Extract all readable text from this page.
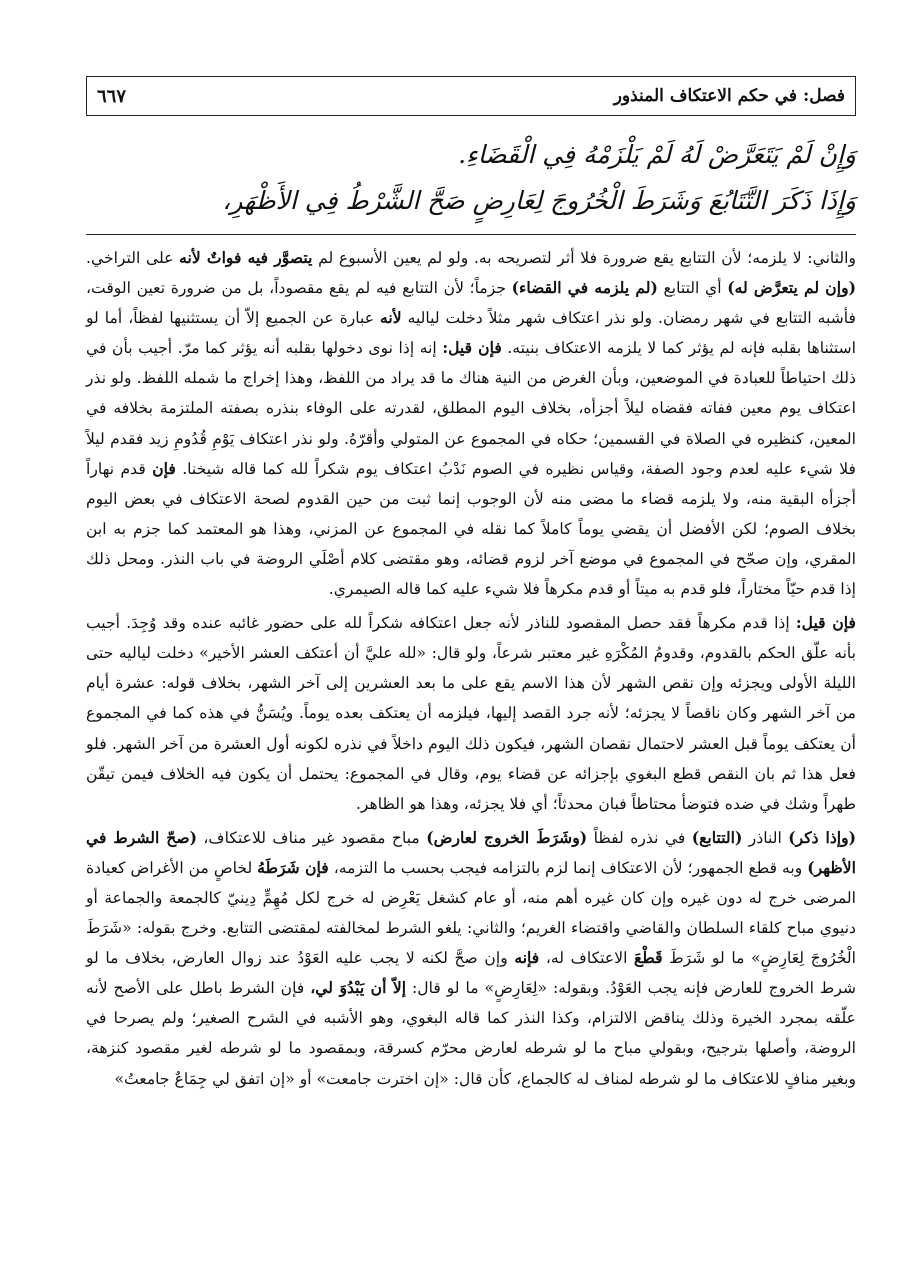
فصل: في حكم الاعتكاف المنذور
٦٦٧

وَإِنْ لَمْ يَتَعَرَّضْ لَهُ لَمْ يَلْزَمْهُ فِي الْقَضَاءِ.

وَإِذَا ذَكَرَ التَّتَابُعَ وَشَرَطَ الْخُرُوجَ لِعَارِضٍ صَحَّ الشَّرْطُ فِي الأَظْهَرِ،

والثاني: لا يلزمه؛ لأن التتابع يقع ضرورة فلا أثر لتصريحه به. ولو لم يعين الأسبوع لم يتصوَّر فيه فواتٌ لأنه على التراخي. (وإن لم يتعرَّض له) أي التتابع (لم يلزمه في القضاء) جزماً؛ لأن التتابع فيه لم يقع مقصوداً، بل من ضرورة تعين الوقت، فأشبه التتابع في شهر رمضان. ولو نذر اعتكاف شهر مثلاً دخلت لياليه لأنه عبارة عن الجميع إلاّ أن يستثنيها لفظاً، أما لو استثناها بقلبه فإنه لم يؤثر كما لا يلزمه الاعتكاف بنيته. فإن قيل: إنه إذا نوى دخولها بقلبه أنه يؤثر كما مرّ. أجيب بأن في ذلك احتياطاً للعبادة في الموضعين، وبأن الغرض من النية هناك ما قد يراد من اللفظ، وهذا إخراج ما شمله اللفظ. ولو نذر اعتكاف يوم معين ففاته فقضاه ليلاً أجزأه، بخلاف اليوم المطلق، لقدرته على الوفاء بنذره بصفته الملتزمة بخلافه في المعين، كنظيره في الصلاة في القسمين؛ حكاه في المجموع عن المتولي وأقرّهُ. ولو نذر اعتكاف يَوْمِ قُدُومِ زيد فقدم ليلاً فلا شيء عليه لعدم وجود الصفة، وقياس نظيره في الصوم نَدْبُ اعتكاف يوم شكراً لله كما قاله شيخنا. فإن قدم نهاراً أجزأه البقية منه، ولا يلزمه قضاء ما مضى منه لأن الوجوب إنما ثبت من حين القدوم لصحة الاعتكاف في بعض اليوم بخلاف الصوم؛ لكن الأفضل أن يقضي يوماً كاملاً كما نقله في المجموع عن المزني، وهذا هو المعتمد كما جزم به ابن المقري، وإن صحّح في المجموع في موضع آخر لزوم قضائه، وهو مقتضى كلام أصْلَي الروضة في باب النذر. ومحل ذلك إذا قدم حيّاً مختاراً، فلو قدم به ميتاً أو قدم مكرهاً فلا شيء عليه كما قاله الصيمري.

فإن قيل: إذا قدم مكرهاً فقد حصل المقصود للناذر لأنه جعل اعتكافه شكراً لله على حضور غائبه عنده وقد وُجِدَ. أجيب بأنه علّق الحكم بالقدوم، وقدومُ المُكْرَهِ غير معتبر شرعاً، ولو قال: «لله عليَّ أن أعتكف العشر الأخير» دخلت لياليه حتى الليلة الأولى ويجزئه وإن نقص الشهر لأن هذا الاسم يقع على ما بعد العشرين إلى آخر الشهر، بخلاف قوله: عشرة أيام من آخر الشهر وكان ناقصاً لا يجزئه؛ لأنه جرد القصد إليها، فيلزمه أن يعتكف بعده يوماً. ويُسَنُّ في هذه كما في المجموع أن يعتكف يوماً قبل العشر لاحتمال نقصان الشهر، فيكون ذلك اليوم داخلاً في نذره لكونه أول العشرة من آخر الشهر. فلو فعل هذا ثم بان النقص قطع البغوي بإجزائه عن قضاء يوم، وقال في المجموع: يحتمل أن يكون فيه الخلاف فيمن تيقّن طهراً وشك في ضده فتوضأ محتاطاً فبان محدثاً؛ أي فلا يجزئه، وهذا هو الظاهر.

(وإذا ذكر) الناذر (التتابع) في نذره لفظاً (وشَرَطَ الخروج لعارض) مباح مقصود غير مناف للاعتكاف، (صحّ الشرط في الأظهر) وبه قطع الجمهور؛ لأن الاعتكاف إنما لزم بالتزامه فيجب بحسب ما التزمه، فإن شَرَطَهُ لخاصٍ من الأغراض كعيادة المرضى خرج له دون غيره وإن كان غيره أهم منه، أو عام كشغل يَعْرِض له خرج لكل مُهِمٍّ دِينيّ كالجمعة والجماعة أو دنيوي مباح كلقاء السلطان والقاضي واقتضاء الغريم؛ والثاني: يلغو الشرط لمخالفته لمقتضى التتابع. وخرج بقوله: «شَرَطَ الْخُرُوجَ لِعَارِضٍ» ما لو شَرَطَ قَطْعَ الاعتكاف له، فإنه وإن صحَّ لكنه لا يجب عليه العَوْدُ عند زوال العارض، بخلاف ما لو شرط الخروج للعارض فإنه يجب العَوْدُ. وبقوله: «لِعَارِضٍ» ما لو قال: إلاّ أن يَبْدُوَ لي، فإن الشرط باطل على الأصح لأنه علّقه بمجرد الخيرة وذلك يناقض الالتزام، وكذا النذر كما قاله البغوي، وهو الأشبه في الشرح الصغير؛ ولم يصرحا في الروضة، وأصلها بترجيح، وبقولي مباح ما لو شرطه لعارض محرّم كسرقة، وبمقصود ما لو شرطه لغير مقصود كنزهة، وبغير منافٍ للاعتكاف ما لو شرطه لمناف له كالجماع، كأن قال: «إن اخترت جامعت» أو «إن اتفق لي جِمَاعٌ جامعتُ»
